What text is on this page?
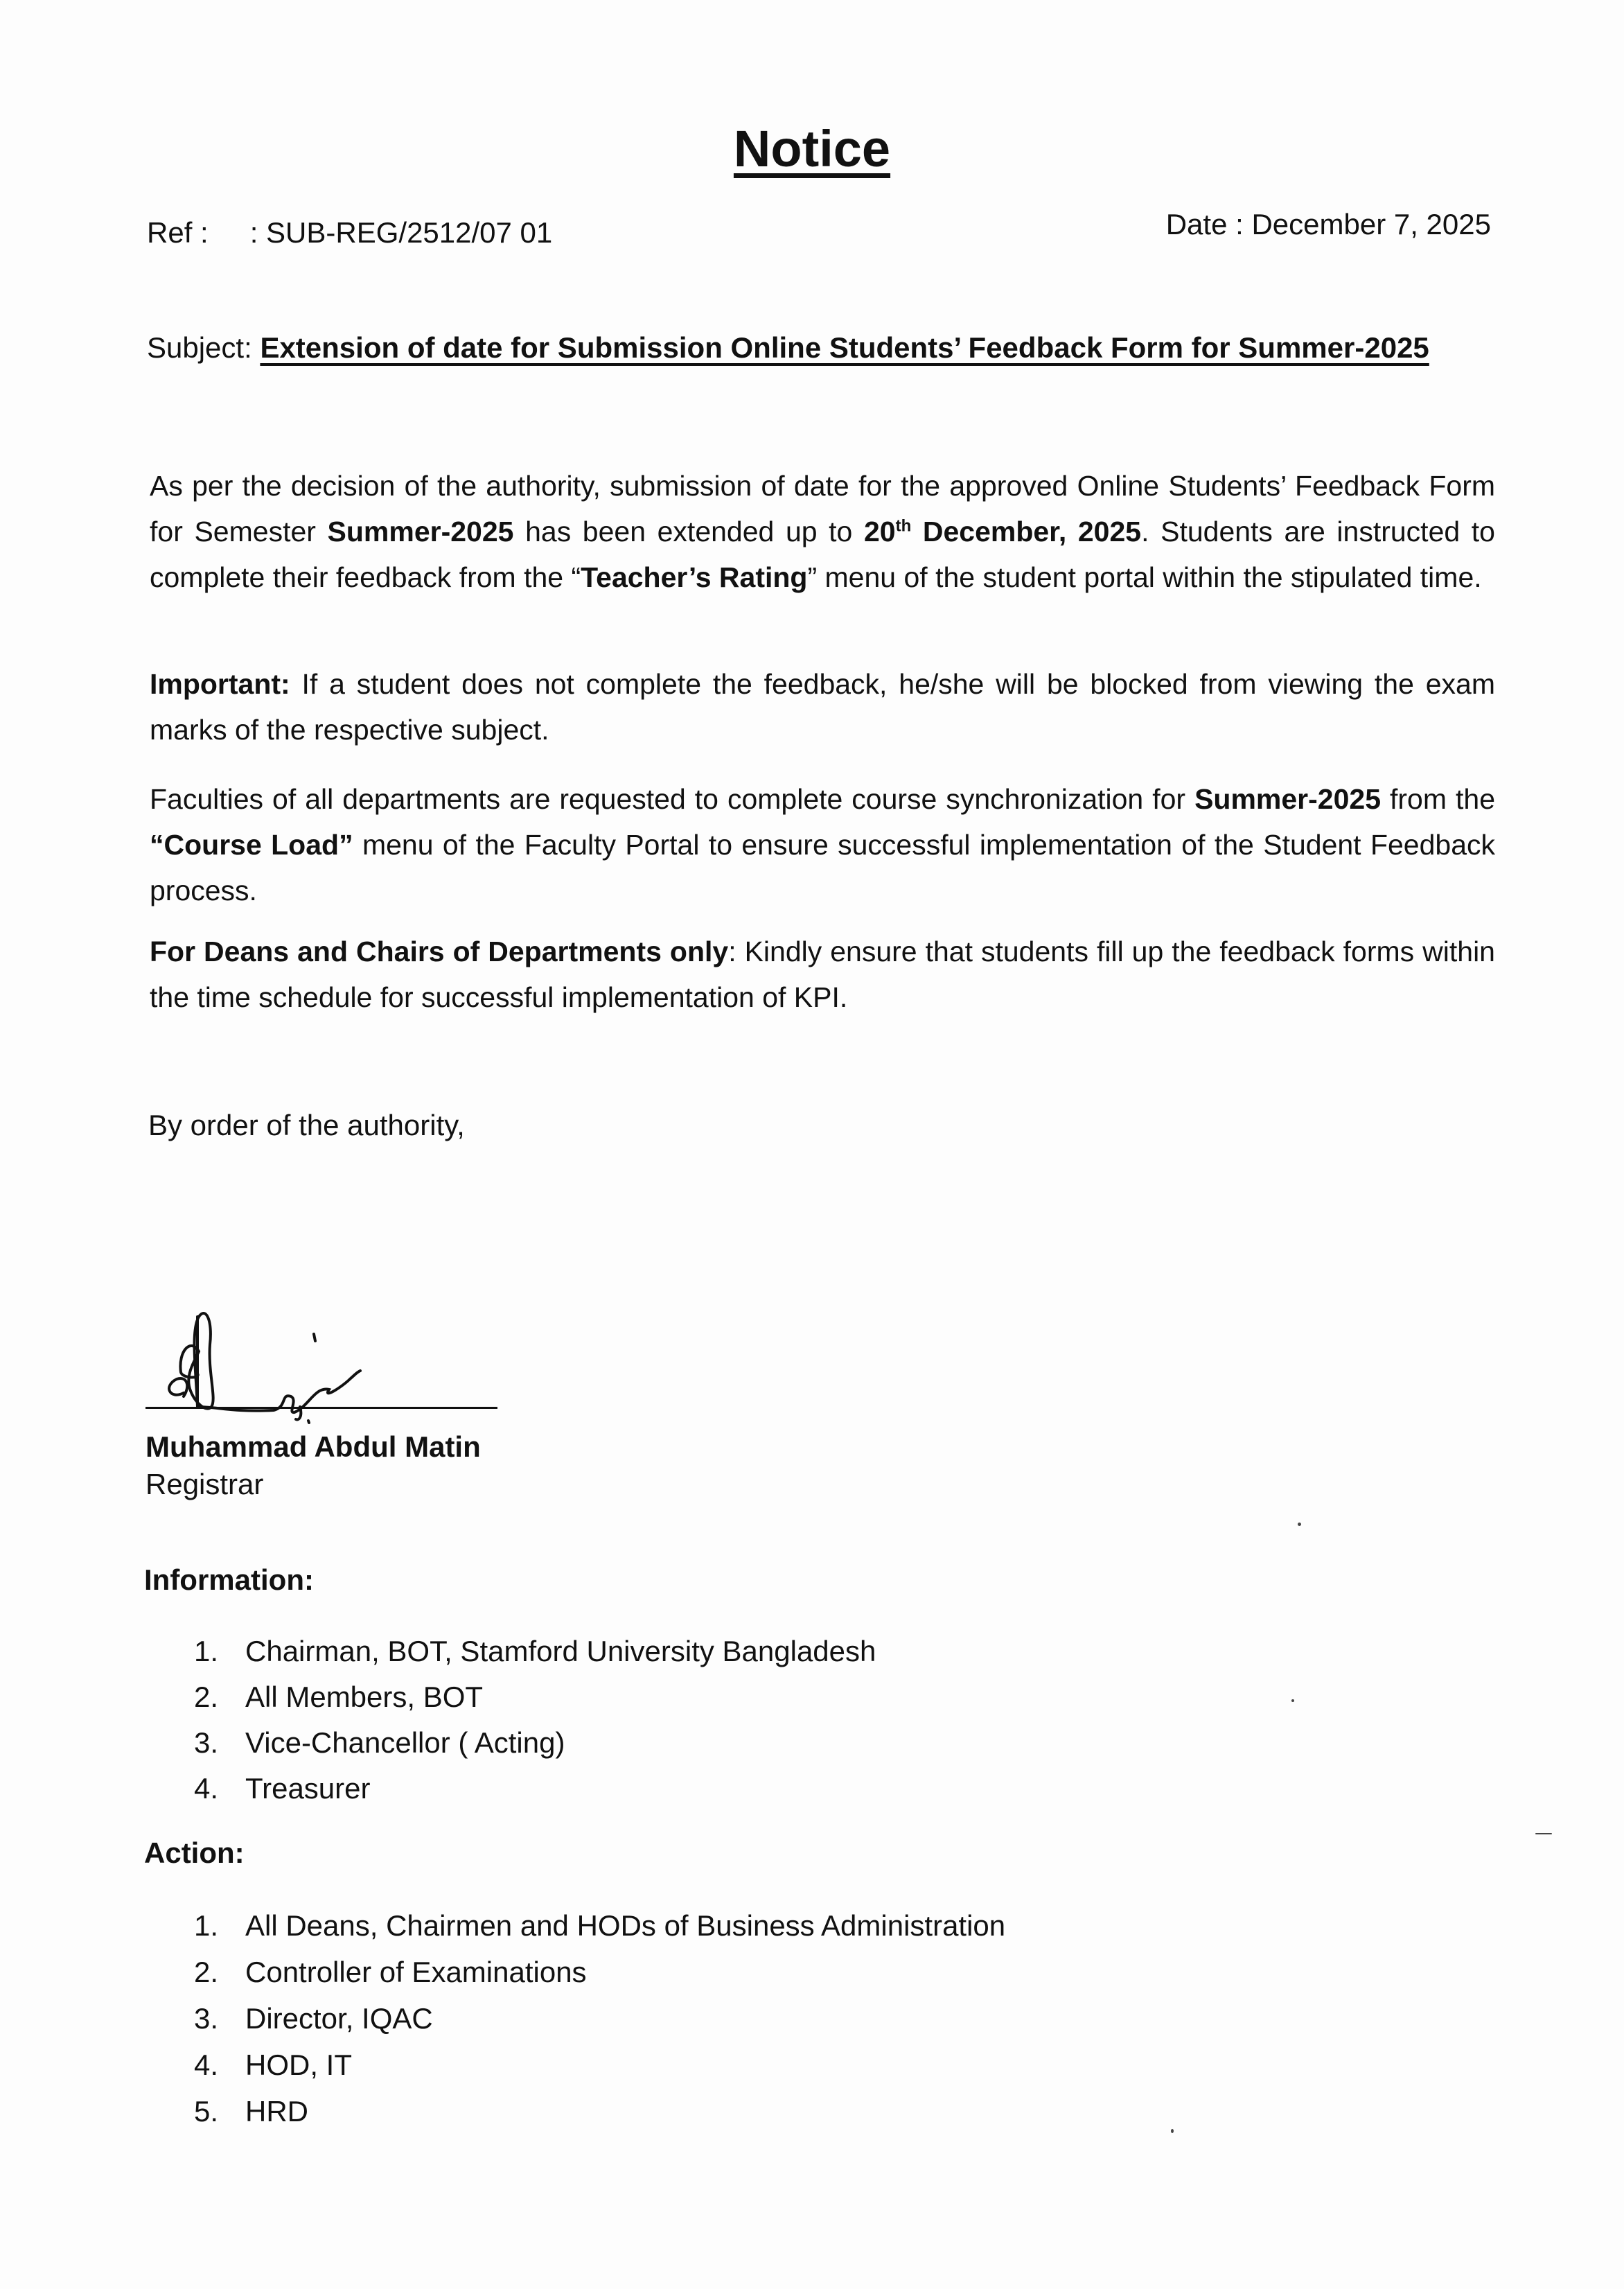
Notice
Ref : : SUB-REG/2512/07 01	Date : December 7, 2025
Subject: Extension of date for Submission Online Students’ Feedback Form for Summer-2025
As per the decision of the authority, submission of date for the approved Online Students’ Feedback Form for Semester Summer-2025 has been extended up to 20th December, 2025. Students are instructed to complete their feedback from the “Teacher’s Rating” menu of the student portal within the stipulated time.
Important: If a student does not complete the feedback, he/she will be blocked from viewing the exam marks of the respective subject.
Faculties of all departments are requested to complete course synchronization for Summer-2025 from the “Course Load” menu of the Faculty Portal to ensure successful implementation of the Student Feedback process.
For Deans and Chairs of Departments only: Kindly ensure that students fill up the feedback forms within the time schedule for successful implementation of KPI.
By order of the authority,
Muhammad Abdul Matin
Registrar
Information:
1. Chairman, BOT, Stamford University Bangladesh
2. All Members, BOT
3. Vice-Chancellor ( Acting)
4. Treasurer
Action:
1. All Deans, Chairmen and HODs of Business Administration
2. Controller of Examinations
3. Director, IQAC
4. HOD, IT
5. HRD
